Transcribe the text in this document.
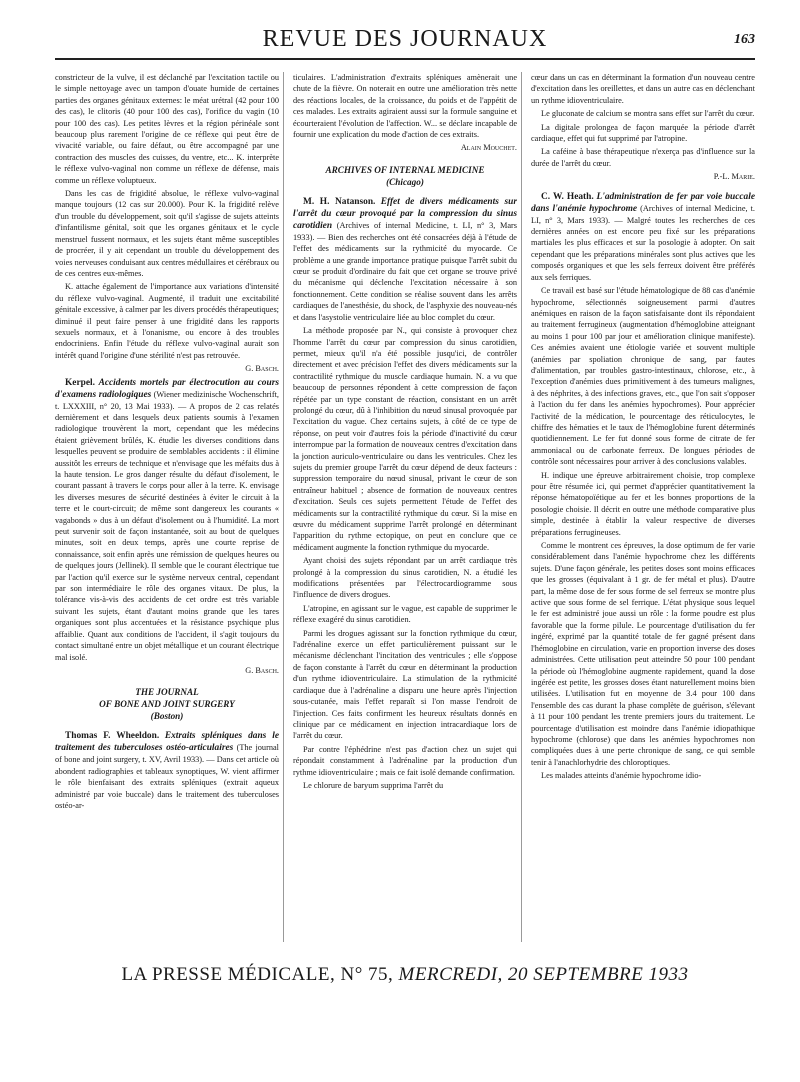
REVUE DES JOURNAUX	163

constricteur de la vulve, il est déclanché par l'excitation tactile ou le simple nettoyage avec un tampon d'ouate humide de certaines parties des organes génitaux externes: le méat urétral (42 pour 100 des cas), le clitoris (40 pour 100 des cas), l'orifice du vagin (10 pour 100 des cas). Les petites lèvres et la région périnéale sont beaucoup plus rarement l'origine de ce réflexe qui peut être de vivacité variable, ou faire défaut, ou être accompagné par une contraction des muscles des cuisses, du ventre, etc... K. interprète le réflexe vulvo-vaginal non comme un réflexe de défense, mais comme un réflexe voluptueux.

Dans les cas de frigidité absolue, le réflexe vulvo-vaginal manque toujours (12 cas sur 20.000). Pour K. la frigidité relève d'un trouble du développement, soit qu'il s'agisse de sujets atteints d'infantilisme génital, soit que les organes génitaux et le cycle menstruel fussent normaux, et les sujets étant même susceptibles de procréer, il y ait cependant un trouble du développement des voies nerveuses conduisant aux centres médullaires et cérébraux ou de ces centres eux-mêmes.

K. attache également de l'importance aux variations d'intensité du réflexe vulvo-vaginal. Augmenté, il traduit une excitabilité génitale excessive, à calmer par les divers procédés thérapeutiques; diminué il peut faire penser à une frigidité dans les rapports sexuels normaux, et à l'onanisme, ou encore à des troubles endocriniens. Enfin l'étude du réflexe vulvo-vaginal aurait son intérêt quand l'origine d'une stérilité n'est pas retrouvée.

G. Basch.

Kerpel. Accidents mortels par électrocution au cours d'examens radiologiques (Wiener medizinische Wochenschrift, t. LXXXIII, n° 20, 13 Mai 1933). — A propos de 2 cas relatés dernièrement et dans lesquels deux patients soumis à l'examen radiologique trouvèrent la mort, cependant que les médecins étaient grièvement brûlés, K. étudie les diverses conditions dans lesquelles peuvent se produire de semblables accidents : il élimine aussitôt les erreurs de technique et n'envisage que les méfaits dus à la haute tension. Le gros danger résulte du défaut d'isolement, le courant passant à travers le corps pour aller à la terre. K. envisage les diverses mesures de sécurité destinées à éviter le circuit à la terre et le court-circuit; de même sont dangereux les courants « vagabonds » dus à un défaut d'isolement ou à l'humidité. La mort peut survenir soit de façon instantanée, soit au bout de quelques minutes, soit en deux temps, après une courte reprise de connaissance, soit enfin après une rémission de quelques heures ou de quelques jours (Jellinek). Il semble que le courant électrique tue par l'action qu'il exerce sur le système nerveux central, cependant par son intermédiaire le rôle des organes vitaux. De plus, la tolérance vis-à-vis des accidents de cet ordre est très variable suivant les sujets, étant d'autant moins grande que les tares organiques sont plus accentuées et la résistance psychique plus affaiblie. Quant aux conditions de l'accident, il s'agit toujours du contact simultané entre un objet métallique et un courant électrique mal isolé.

G. Basch.

THE JOURNAL
OF BONE AND JOINT SURGERY
(Boston)

Thomas F. Wheeldon. Extraits spléniques dans le traitement des tuberculoses ostéo-articulaires (The journal of bone and joint surgery, t. XV, Avril 1933). — Dans cet article où abondent radiographies et tableaux synoptiques, W. vient affirmer le rôle bienfaisant des extraits spléniques (extrait aqueux administré par voie buccale) dans le traitement des tuberculoses ostéo-ar-

ticulaires. L'administration d'extraits spléniques amènerait une chute de la fièvre. On noterait en outre une amélioration très nette des réactions locales, de la croissance, du poids et de l'appétit de ces malades. Les extraits agiraient aussi sur la formule sanguine et écourteraient l'évolution de l'affection. W... se déclare incapable de fournir une explication du mode d'action de ces extraits.

Alain Mouchet.

ARCHIVES OF INTERNAL MEDICINE
(Chicago)

M. H. Natanson. Effet de divers médicaments sur l'arrêt du cœur provoqué par la compression du sinus carotidien (Archives of internal Medicine, t. LI, n° 3, Mars 1933). — Bien des recherches ont été consacrées déjà à l'étude de l'effet des médicaments sur la rythmicité du myocarde. Ce problème a une grande importance pratique puisque l'arrêt subit du cœur se produit d'ordinaire du fait que cet organe se trouve privé du mécanisme qui déclenche l'excitation nécessaire à son fonctionnement. Cette condition se réalise souvent dans les arrêts cardiaques de l'anesthésie, du shock, de l'asphyxie des nouveau-nés et dans l'asystolie ventriculaire liée au bloc complet du cœur.

La méthode proposée par N., qui consiste à provoquer chez l'homme l'arrêt du cœur par compression du sinus carotidien, permet, mieux qu'il n'a été possible jusqu'ici, de contrôler directement et avec précision l'effet des divers médicaments sur la contractilité rythmique du muscle cardiaque humain. N. a vu que beaucoup de personnes répondent à cette compression de façon répétée par un type constant de réaction, consistant en un arrêt prolongé du cœur, dû à l'inhibition du nœud sinusal provoquée par l'excitation du vague. Chez certains sujets, à côté de ce type de réponse, on peut voir d'autres fois la période d'inactivité du cœur interrompue par la formation de nouveaux centres d'excitation dans la jonction auriculo-ventriculaire ou dans les ventricules. Chez les sujets du premier groupe l'arrêt du cœur dépend de deux facteurs : suppression temporaire du nœud sinusal, privant le cœur de son entraîneur habituel ; absence de formation de nouveaux centres d'excitation. Seuls ces sujets permettent l'étude de l'effet des médicaments sur la contractilité rythmique du cœur. Si la mise en œuvre du médicament supprime l'arrêt prolongé en déterminant l'apparition du rythme ectopique, on peut en conclure que ce médicament augmente la fonction rythmique du myocarde.

Ayant choisi des sujets répondant par un arrêt cardiaque très prolongé à la compression du sinus carotidien, N. a étudié les modifications présentées par l'électrocardiogramme sous l'influence de divers drogues.

L'atropine, en agissant sur le vague, est capable de supprimer le réflexe exagéré du sinus carotidien.

Parmi les drogues agissant sur la fonction rythmique du cœur, l'adrénaline exerce un effet particulièrement puissant sur le mécanisme déclenchant l'incitation des ventricules ; elle s'oppose de façon constante à l'arrêt du cœur en déterminant la production d'un rythme idioventriculaire. La stimulation de la rythmicité cardiaque due à l'adrénaline a disparu une heure après l'injection sous-cutanée, mais l'effet reparaît si l'on masse l'endroit de l'injection. Ces faits confirment les heureux résultats donnés en clinique par ce médicament en injection intracardiaque lors de l'arrêt du cœur.

Par contre l'éphédrine n'est pas d'action chez un sujet qui répondait constamment à l'adrénaline par la production d'un rythme idioventriculaire ; mais ce fait isolé demande confirmation.

Le chlorure de baryum supprima l'arrêt du

cœur dans un cas en déterminant la formation d'un nouveau centre d'excitation dans les oreillettes, et dans un autre cas en déclenchant un rythme idioventriculaire.

Le gluconate de calcium se montra sans effet sur l'arrêt du cœur.

La digitale prolongea de façon marquée la période d'arrêt cardiaque, effet qui fut supprimé par l'atropine.

La caféine à base thérapeutique n'exerça pas d'influence sur la durée de l'arrêt du cœur.

P.-L. Marie.

C. W. Heath. L'administration de fer par voie buccale dans l'anémie hypochrome (Archives of internal Medicine, t. LI, n° 3, Mars 1933). — Malgré toutes les recherches de ces dernières années on est encore peu fixé sur les préparations martiales les plus efficaces et sur la posologie à adopter. On sait cependant que les préparations minérales sont plus actives que les composés organiques et que les sels ferreux doivent être préférés aux sels ferriques.

Ce travail est basé sur l'étude hématologique de 88 cas d'anémie hypochrome, sélectionnés soigneusement parmi d'autres anémiques en raison de la façon satisfaisante dont ils répondaient au traitement ferrugineux (augmentation d'hémoglobine atteignant au moins 1 pour 100 par jour et amélioration clinique manifeste). Ces anémies avaient une étiologie variée et souvent multiple (anémies par spoliation chronique de sang, par fautes d'alimentation, par troubles gastro-intestinaux, chlorose, etc., à l'exception d'anémies dues primitivement à des tumeurs malignes, à des néphrites, à des infections graves, etc., que l'on sait s'opposer à l'action du fer dans les anémies hypochromes). Pour apprécier l'activité de la médication, le pourcentage des réticulocytes, le chiffre des hématies et le taux de l'hémoglobine furent déterminés quotidiennement. Le fer fut donné sous forme de citrate de fer ammoniacal ou de carbonate ferreux. De longues périodes de contrôle sont nécessaires pour arriver à des conclusions valables.

H. indique une épreuve arbitrairement choisie, trop complexe pour être résumée ici, qui permet d'apprécier quantitativement la réponse hématopoïétique au fer et les bonnes proportions de la posologie choisie. Il décrit en outre une méthode comparative plus simple, destinée à établir la valeur respective de diverses préparations ferrugineuses.

Comme le montrent ces épreuves, la dose optimum de fer varie considérablement dans l'anémie hypochrome chez les différents sujets. D'une façon générale, les petites doses sont moins efficaces que les grosses (équivalant à 1 gr. de fer métal et plus). D'autre part, la même dose de fer sous forme de sel ferreux se montre plus active que sous forme de sel ferrique. L'état physique sous lequel le fer est administré joue aussi un rôle : la forme poudre est plus favorable que la forme pilule. Le pourcentage d'utilisation du fer ingéré, exprimé par la quantité totale de fer gagné présent dans l'hémoglobine en circulation, varie en proportion inverse des doses administrées. Cette utilisation peut atteindre 50 pour 100 pendant la période où l'hémoglobine augmente rapidement, quand la dose ingérée est petite, les grosses doses étant naturellement moins bien utilisées. L'utilisation fut en moyenne de 3.4 pour 100 dans l'ensemble des cas durant la phase complète de guérison, s'élevant à 11 pour 100 pendant les trente premiers jours du traitement. Le pourcentage d'utilisation est moindre dans l'anémie idiopathique hypochrome (chlorose) que dans les anémies hypochromes non compliquées dues à une perte chronique de sang, ce qui semble tenir à l'anachlorhydrie des chloroptiques.

Les malades atteints d'anémie hypochrome idio-

LA PRESSE MÉDICALE, N° 75, MERCREDI, 20 SEPTEMBRE 1933
